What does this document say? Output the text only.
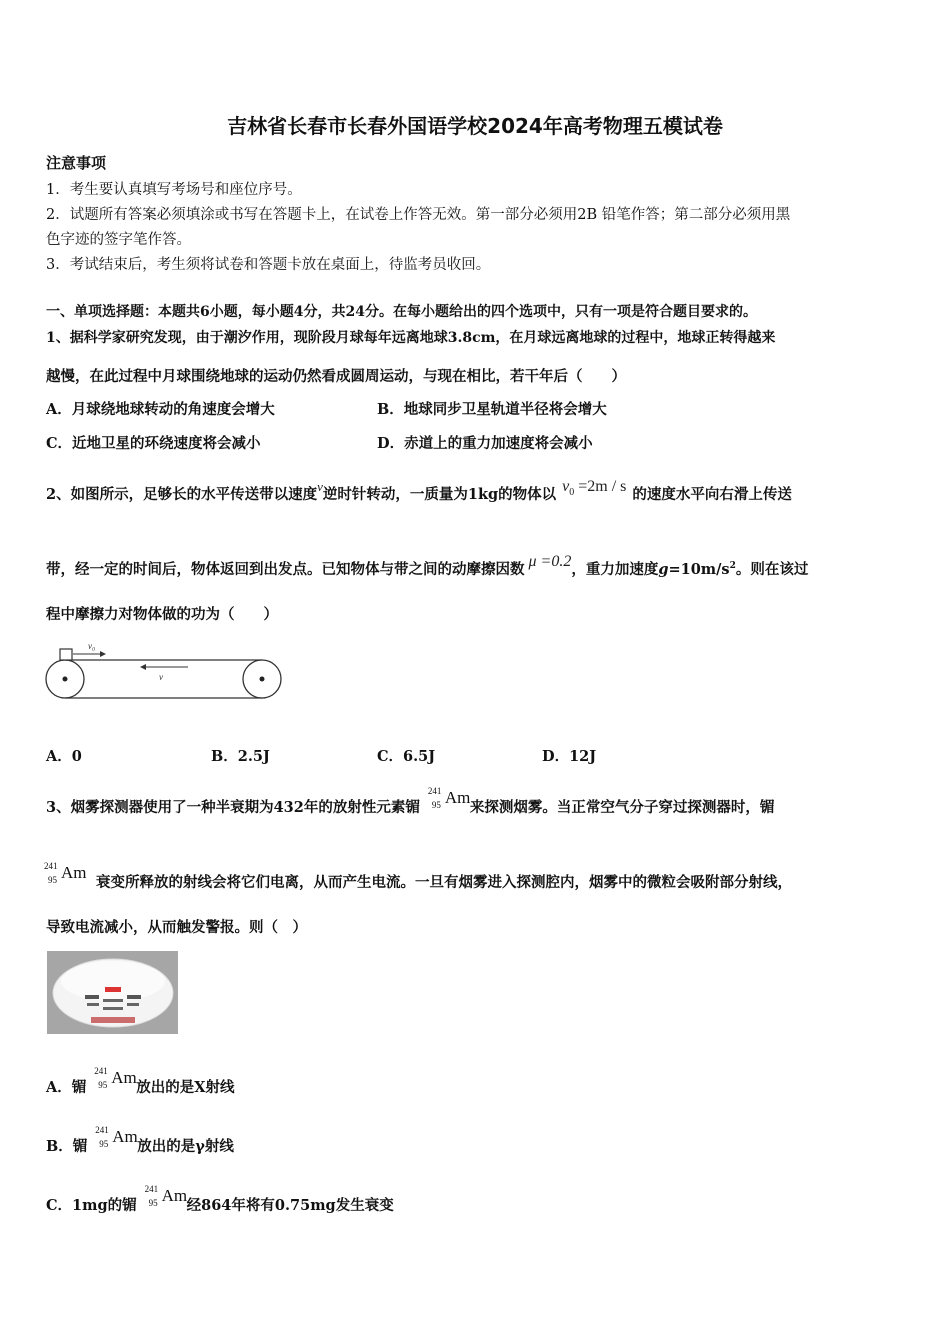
吉林省长春市长春外国语学校2024年高考物理五模试卷
注意事项
1．考生要认真填写考场号和座位序号。
2．试题所有答案必须填涂或书写在答题卡上，在试卷上作答无效。第一部分必须用2B 铅笔作答；第二部分必须用黑
色字迹的签字笔作答。
3．考试结束后，考生须将试卷和答题卡放在桌面上，待监考员收回。
一、单项选择题：本题共6小题，每小题4分，共24分。在每小题给出的四个选项中，只有一项是符合题目要求的。
1、据科学家研究发现，由于潮汐作用，现阶段月球每年远离地球3.8cm，在月球远离地球的过程中，地球正转得越来
越慢，在此过程中月球围绕地球的运动仍然看成圆周运动，与现在相比，若干年后（　　）
A．月球绕地球转动的角速度会增大	B．地球同步卫星轨道半径将会增大
C．近地卫星的环绕速度将会减小	D．赤道上的重力加速度将会减小
2、如图所示，足够长的水平传送带以速度v逆时针转动，一质量为1kg的物体以 $v_0 =2m / s$ 的速度水平向右滑上传送
带，经一定的时间后，物体返回到出发点。已知物体与带之间的动摩擦因数 μ =0.2，重力加速度$g=10m/s^2$。则在该过
程中摩擦力对物体做的功为（　　）
v₀
v
A．0	B．2.5J	C．6.5J	D．12J
3、烟雾探测器使用了一种半衰期为432年的放射性元素镅
241
95 Am
来探测烟雾。当正常空气分子穿过探测器时，镅
241
95 Am
衰变所释放的射线会将它们电离，从而产生电流。一旦有烟雾进入探测腔内，烟雾中的微粒会吸附部分射线，
导致电流减小，从而触发警报。则（　）
A．镅
241
95 Am
放出的是X射线
B．镅
241
95 Am
放出的是γ射线
C．1mg的镅
241
95 Am
经864年将有0.75mg发生衰变
